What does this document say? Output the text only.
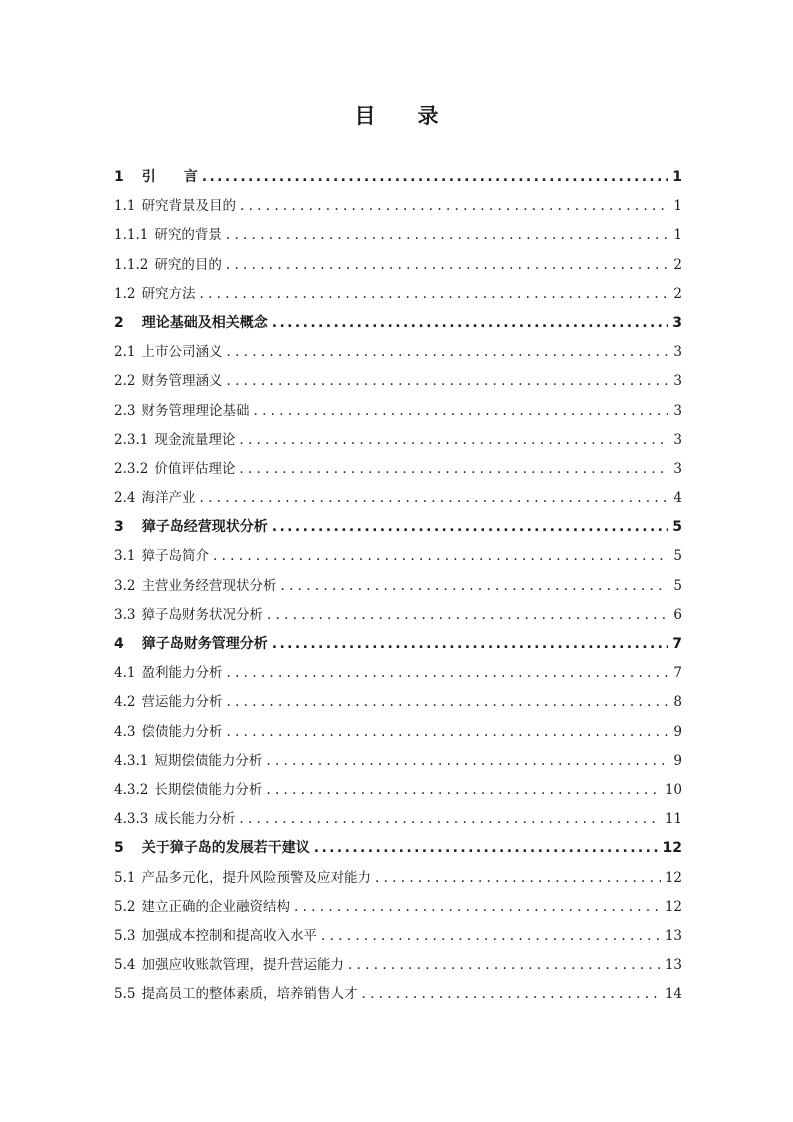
目　　录
1 引　　言 .....	1
1.1 研究背景及目的 . . .	1
1.1.1 研究的背景 . . .	1
1.1.2 研究的目的 . . .	2
1.2 研究方法 . . .	2
2 理论基础及相关概念 .....	3
2.1 上市公司涵义 . . .	3
2.2 财务管理涵义 . . .	3
2.3 财务管理理论基础 . . .	3
2.3.1 现金流量理论 . . .	3
2.3.2 价值评估理论 . . .	3
2.4 海洋产业 . . .	4
3 獐子岛经营现状分析 .....	5
3.1 獐子岛简介 . . .	5
3.2 主营业务经营现状分析 . . .	5
3.3 獐子岛财务状况分析 . . .	6
4 獐子岛财务管理分析 .....	7
4.1 盈利能力分析 . . .	7
4.2 营运能力分析 . . .	8
4.3 偿债能力分析 . . .	9
4.3.1 短期偿债能力分析 . . .	9
4.3.2 长期偿债能力分析 . . .	10
4.3.3 成长能力分析 . . .	11
5 关于獐子岛的发展若干建议 .....	12
5.1 产品多元化，提升风险预警及应对能力 . . .	12
5.2 建立正确的企业融资结构 . . .	12
5.3 加强成本控制和提高收入水平 . . .	13
5.4 加强应收账款管理，提升营运能力 . . .	13
5.5 提高员工的整体素质，培养销售人才 . . .	14
